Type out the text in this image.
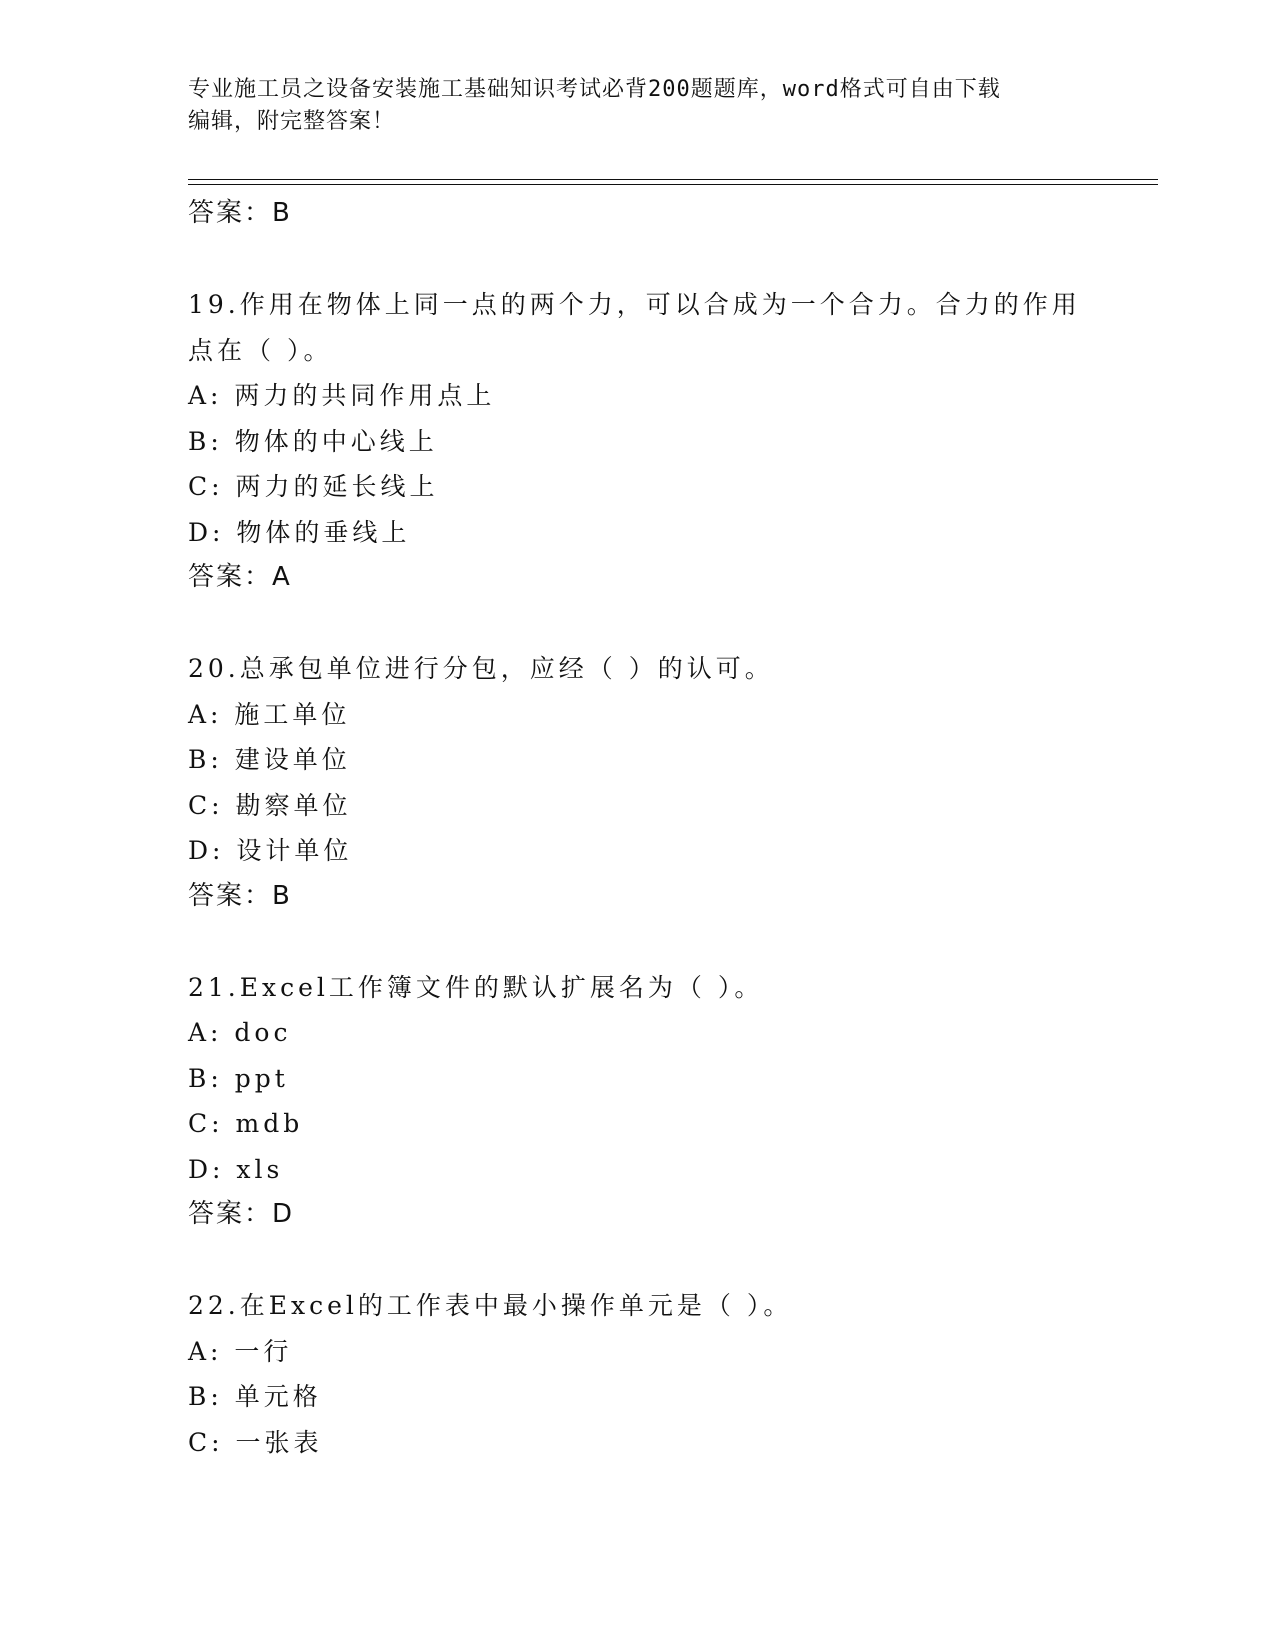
专业施工员之设备安装施工基础知识考试必背200题题库，word格式可自由下载
编辑，附完整答案！
答案：B
19.作用在物体上同一点的两个力，可以合成为一个合力。合力的作用
点在（ ）。
A: 两力的共同作用点上
B: 物体的中心线上
C: 两力的延长线上
D: 物体的垂线上
答案：A
20.总承包单位进行分包，应经（ ）的认可。
A: 施工单位
B: 建设单位
C: 勘察单位
D: 设计单位
答案：B
21.Excel工作簿文件的默认扩展名为（ ）。
A: doc
B: ppt
C: mdb
D: xls
答案：D
22.在Excel的工作表中最小操作单元是（ ）。
A: 一行
B: 单元格
C: 一张表
